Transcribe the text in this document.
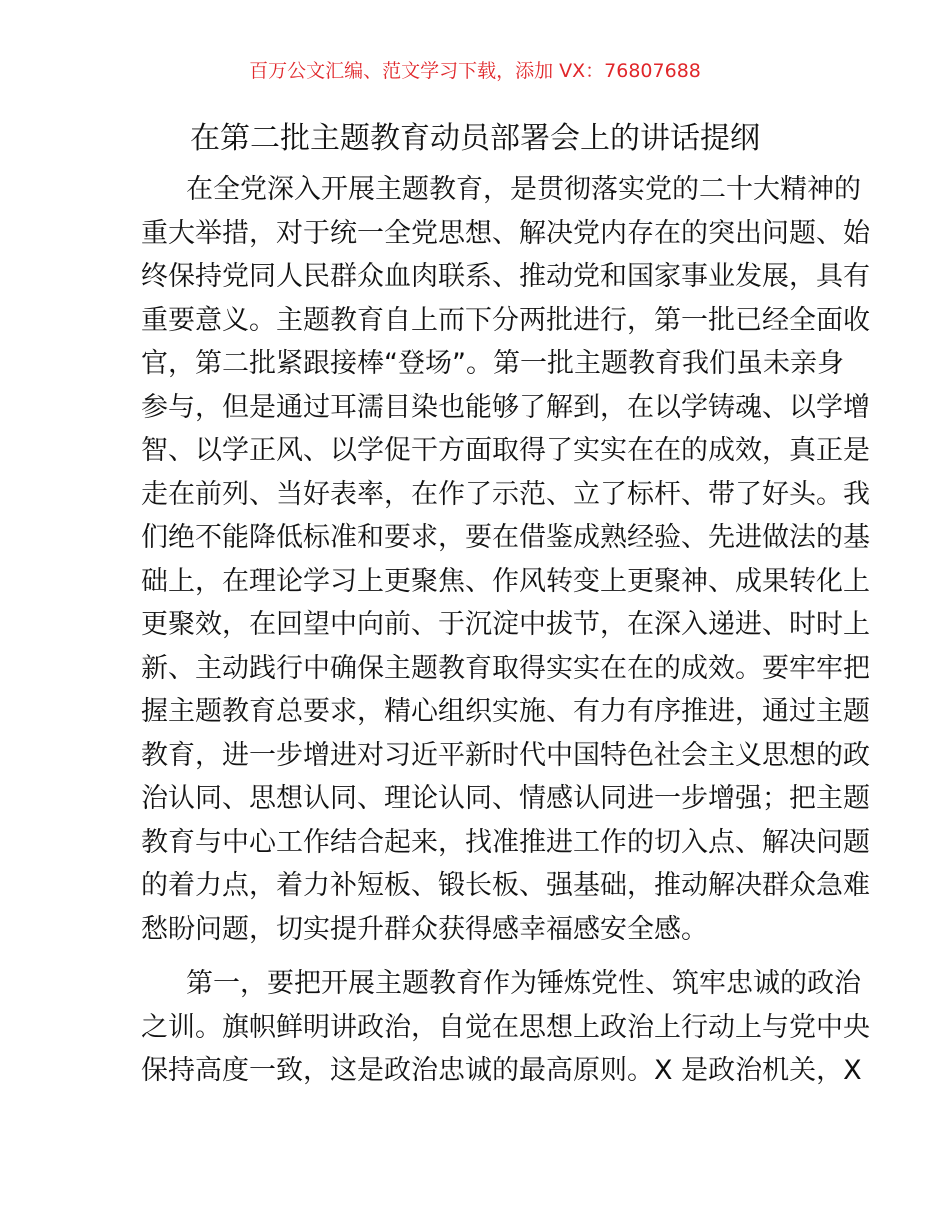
百万公文汇编、范文学习下载，添加 VX：76807688
在第二批主题教育动员部署会上的讲话提纲
在全党深入开展主题教育，是贯彻落实党的二十大精神的
重大举措，对于统一全党思想、解决党内存在的突出问题、始
终保持党同人民群众血肉联系、推动党和国家事业发展，具有
重要意义。主题教育自上而下分两批进行，第一批已经全面收
官，第二批紧跟接棒“登场”。第一批主题教育我们虽未亲身
参与，但是通过耳濡目染也能够了解到，在以学铸魂、以学增
智、以学正风、以学促干方面取得了实实在在的成效，真正是
走在前列、当好表率，在作了示范、立了标杆、带了好头。我
们绝不能降低标准和要求，要在借鉴成熟经验、先进做法的基
础上，在理论学习上更聚焦、作风转变上更聚神、成果转化上
更聚效，在回望中向前、于沉淀中拔节，在深入递进、时时上
新、主动践行中确保主题教育取得实实在在的成效。要牢牢把
握主题教育总要求，精心组织实施、有力有序推进，通过主题
教育，进一步增进对习近平新时代中国特色社会主义思想的政
治认同、思想认同、理论认同、情感认同进一步增强；把主题
教育与中心工作结合起来，找准推进工作的切入点、解决问题
的着力点，着力补短板、锻长板、强基础，推动解决群众急难
愁盼问题，切实提升群众获得感幸福感安全感。
第一，要把开展主题教育作为锤炼党性、筑牢忠诚的政治
之训。旗帜鲜明讲政治，自觉在思想上政治上行动上与党中央
保持高度一致，这是政治忠诚的最高原则。X 是政治机关，X
